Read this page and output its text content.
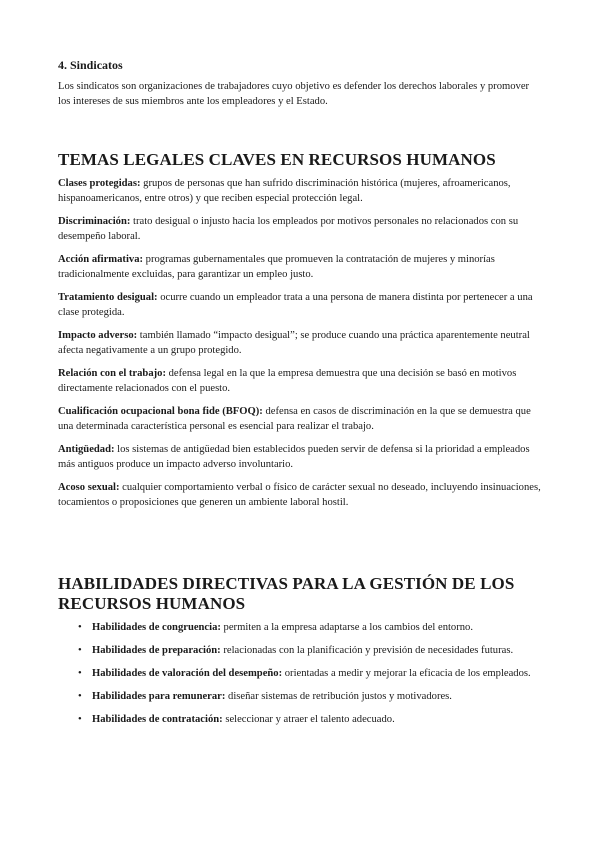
4. Sindicatos

Los sindicatos son organizaciones de trabajadores cuyo objetivo es defender los derechos laborales y promover los intereses de sus miembros ante los empleadores y el Estado.

TEMAS LEGALES CLAVES EN RECURSOS HUMANOS

Clases protegidas: grupos de personas que han sufrido discriminación histórica (mujeres, afroamericanos, hispanoamericanos, entre otros) y que reciben especial protección legal.

Discriminación: trato desigual o injusto hacia los empleados por motivos personales no relacionados con su desempeño laboral.

Acción afirmativa: programas gubernamentales que promueven la contratación de mujeres y minorías tradicionalmente excluidas, para garantizar un empleo justo.

Tratamiento desigual: ocurre cuando un empleador trata a una persona de manera distinta por pertenecer a una clase protegida.

Impacto adverso: también llamado “impacto desigual”; se produce cuando una práctica aparentemente neutral afecta negativamente a un grupo protegido.

Relación con el trabajo: defensa legal en la que la empresa demuestra que una decisión se basó en motivos directamente relacionados con el puesto.

Cualificación ocupacional bona fide (BFOQ): defensa en casos de discriminación en la que se demuestra que una determinada característica personal es esencial para realizar el trabajo.

Antigüedad: los sistemas de antigüedad bien establecidos pueden servir de defensa si la prioridad a empleados más antiguos produce un impacto adverso involuntario.

Acoso sexual: cualquier comportamiento verbal o físico de carácter sexual no deseado, incluyendo insinuaciones, tocamientos o proposiciones que generen un ambiente laboral hostil.

HABILIDADES DIRECTIVAS PARA LA GESTIÓN DE LOS RECURSOS HUMANOS
• Habilidades de congruencia: permiten a la empresa adaptarse a los cambios del entorno.
• Habilidades de preparación: relacionadas con la planificación y previsión de necesidades futuras.
• Habilidades de valoración del desempeño: orientadas a medir y mejorar la eficacia de los empleados.
• Habilidades para remunerar: diseñar sistemas de retribución justos y motivadores.
• Habilidades de contratación: seleccionar y atraer el talento adecuado.
